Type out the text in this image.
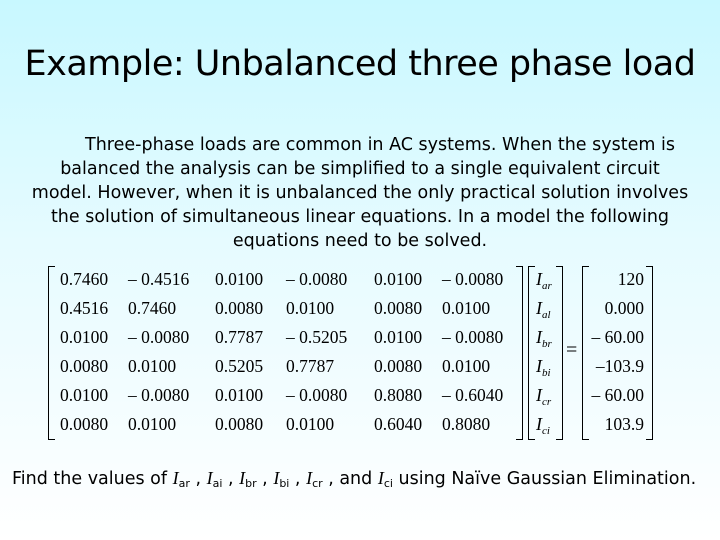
Example: Unbalanced three phase load
Three-phase loads are common in AC systems. When the system is balanced the analysis can be simplified to a single equivalent circuit model. However, when it is unbalanced the only practical solution involves the solution of simultaneous linear equations. In a model the following equations need to be solved.
=
0.7460 – 0.4516 0.0100 – 0.0080 0.0100 – 0.0080
0.4516 0.7460 0.0080 0.0100 0.0080 0.0100
0.0100 – 0.0080 0.7787 – 0.5205 0.0100 – 0.0080
0.0080 0.0100 0.5205 0.7787 0.0080 0.0100
0.0100 – 0.0080 0.0100 – 0.0080 0.8080 – 0.6040
0.0080 0.0100 0.0080 0.0100 0.6040 0.8080
$I_{ar}$
$I_{al}$
$I_{br}$
$I_{bi}$
$I_{cr}$
$I_{ci}$
120
0.000
– 60.00
–103.9
– 60.00
103.9
Find the values of $I_{ar}$ , $I_{ai}$ , $I_{br}$ , $I_{bi}$ , $I_{cr}$ , and $I_{ci}$ using Naïve Gaussian Elimination.
